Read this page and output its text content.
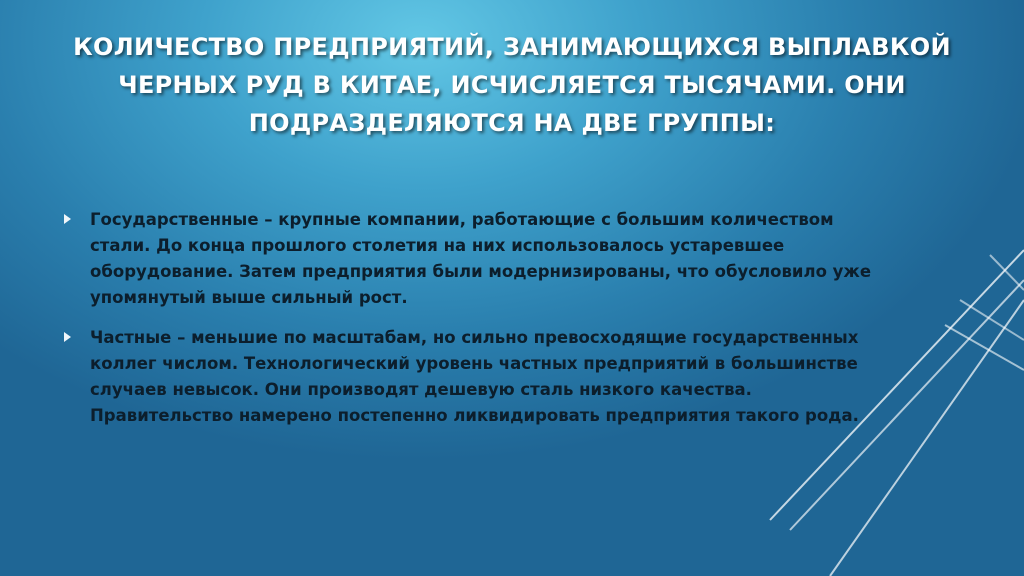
КОЛИЧЕСТВО ПРЕДПРИЯТИЙ, ЗАНИМАЮЩИХСЯ ВЫПЛАВКОЙ ЧЕРНЫХ РУД В КИТАЕ, ИСЧИСЛЯЕТСЯ ТЫСЯЧАМИ. ОНИ ПОДРАЗДЕЛЯЮТСЯ НА ДВЕ ГРУППЫ:
Государственные – крупные компании, работающие с большим количеством стали. До конца прошлого столетия на них использовалось устаревшее оборудование. Затем предприятия были модернизированы, что обусловило уже упомянутый выше сильный рост.
Частные – меньшие по масштабам, но сильно превосходящие государственных коллег числом. Технологический уровень частных предприятий в большинстве случаев невысок. Они производят дешевую сталь низкого качества. Правительство намерено постепенно ликвидировать предприятия такого рода.
